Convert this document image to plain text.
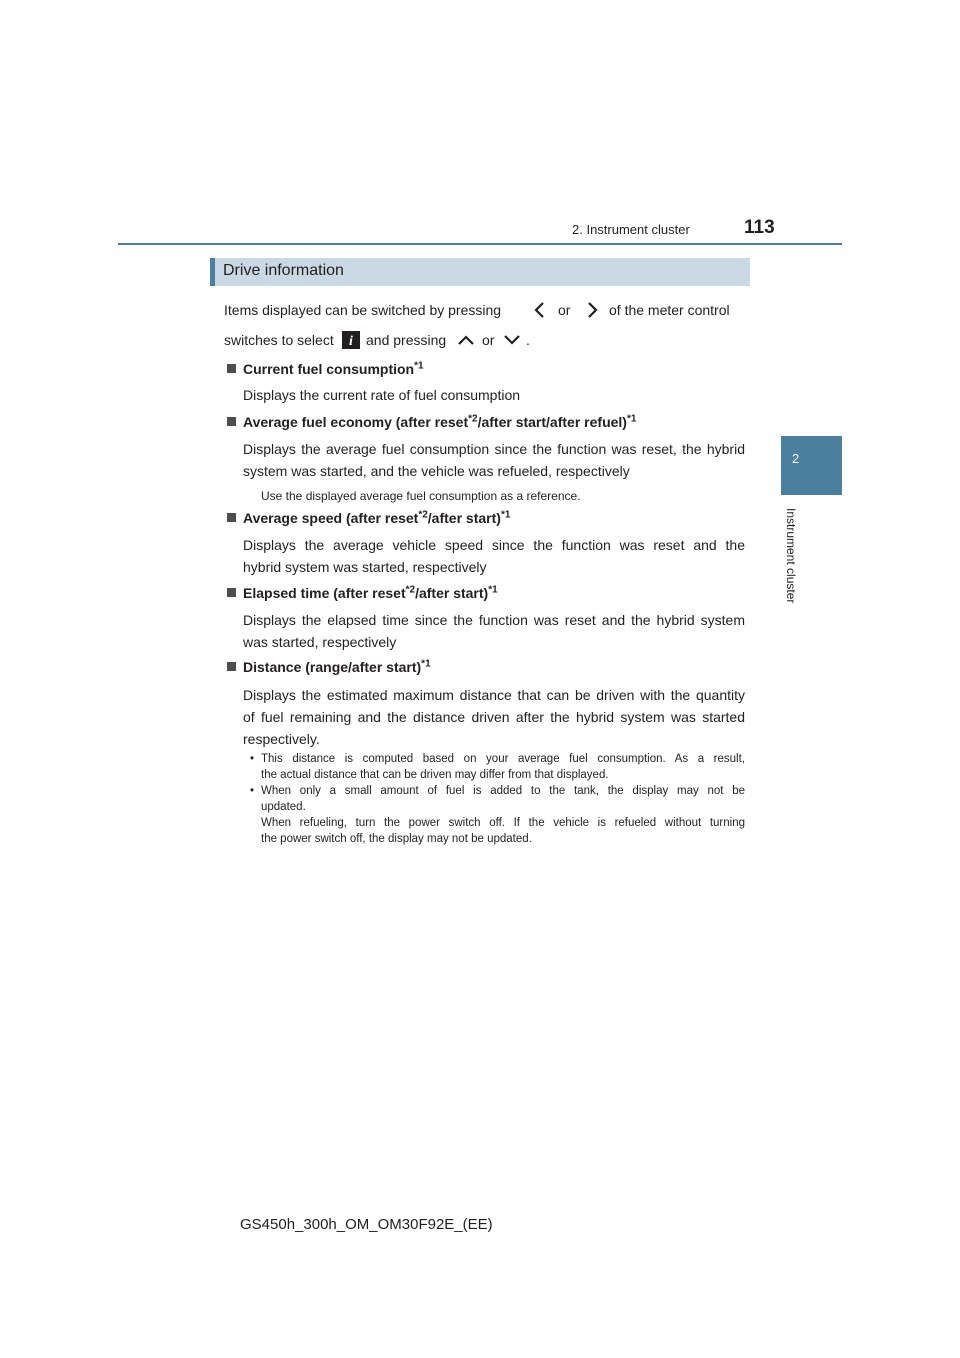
2. Instrument cluster	113
2
Instrument cluster
Drive information
Items displayed can be switched by pressing	or	of the meter control
switches to select i and pressing	or .
Current fuel consumption$^{*1}$
Displays the current rate of fuel consumption
Average fuel economy (after reset$^{*2}$/after start/after refuel)$^{*1}$
Displays the average fuel consumption since the function was reset, the hybrid
system was started, and the vehicle was refueled, respectively
Use the displayed average fuel consumption as a reference.
Average speed (after reset$^{*2}$/after start)$^{*1}$
Displays the average vehicle speed since the function was reset and the
hybrid system was started, respectively
Elapsed time (after reset$^{*2}$/after start)$^{*1}$
Displays the elapsed time since the function was reset and the hybrid system
was started, respectively
Distance (range/after start)$^{*1}$
Displays the estimated maximum distance that can be driven with the quantity
of fuel remaining and the distance driven after the hybrid system was started
respectively.
• This distance is computed based on your average fuel consumption. As a result,
the actual distance that can be driven may differ from that displayed.
• When only a small amount of fuel is added to the tank, the display may not be
updated.
When refueling, turn the power switch off. If the vehicle is refueled without turning
the power switch off, the display may not be updated.
GS450h_300h_OM_OM30F92E_(EE)
